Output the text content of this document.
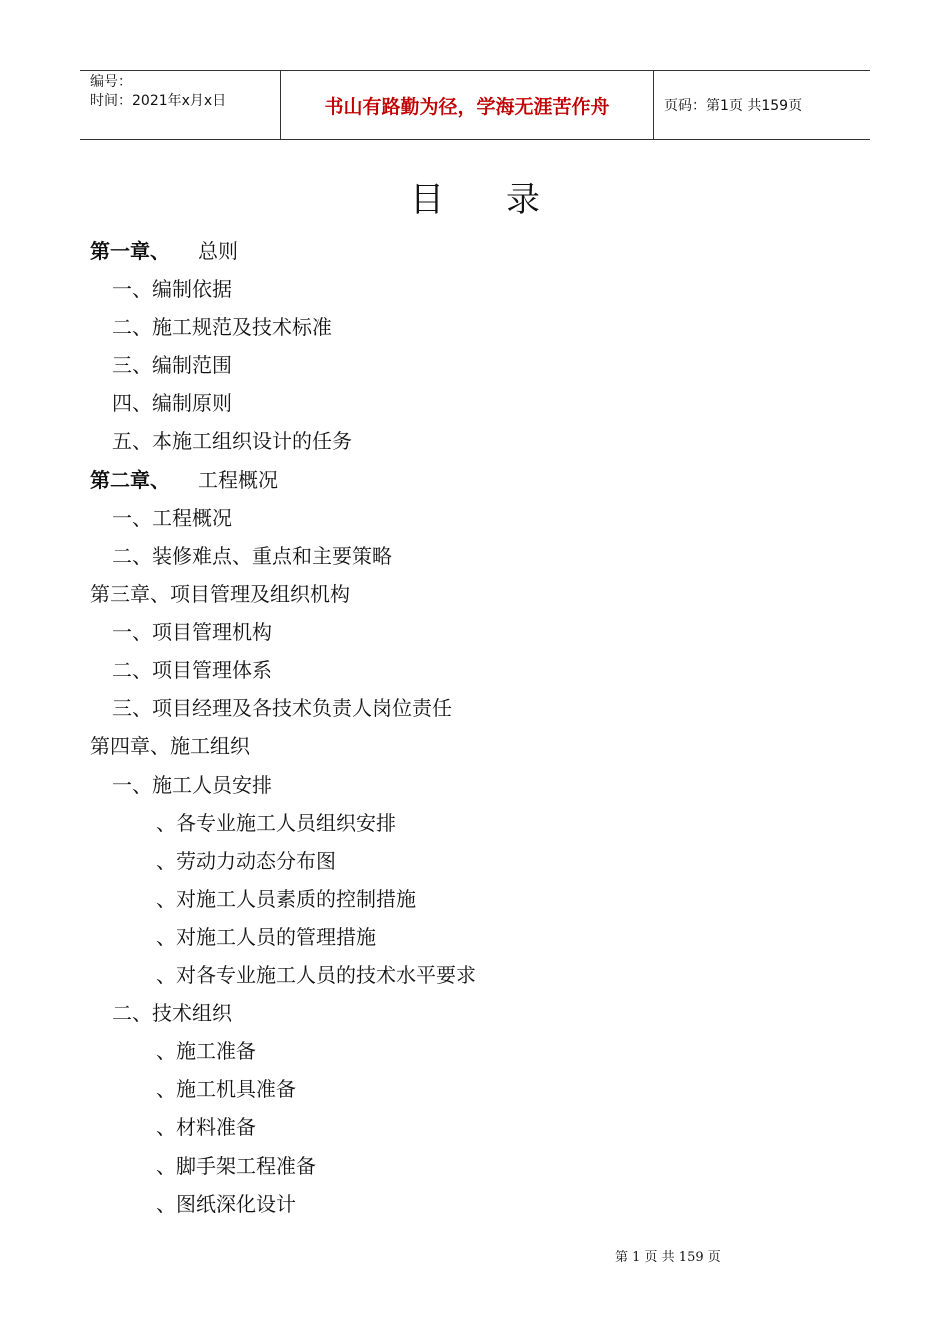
编号：
时间：2021年x月x日	书山有路勤为径，学海无涯苦作舟	页码：第1页 共159页
目 录
第一章、 总则
一、编制依据
二、施工规范及技术标准
三、编制范围
四、编制原则
五、本施工组织设计的任务
第二章、 工程概况
一、工程概况
二、装修难点、重点和主要策略
第三章、项目管理及组织机构
一、项目管理机构
二、项目管理体系
三、项目经理及各技术负责人岗位责任
第四章、施工组织
一、施工人员安排
、各专业施工人员组织安排
、劳动力动态分布图
、对施工人员素质的控制措施
、对施工人员的管理措施
、对各专业施工人员的技术水平要求
二、技术组织
、施工准备
、施工机具准备
、材料准备
、脚手架工程准备
、图纸深化设计
第 1 页 共 159 页
